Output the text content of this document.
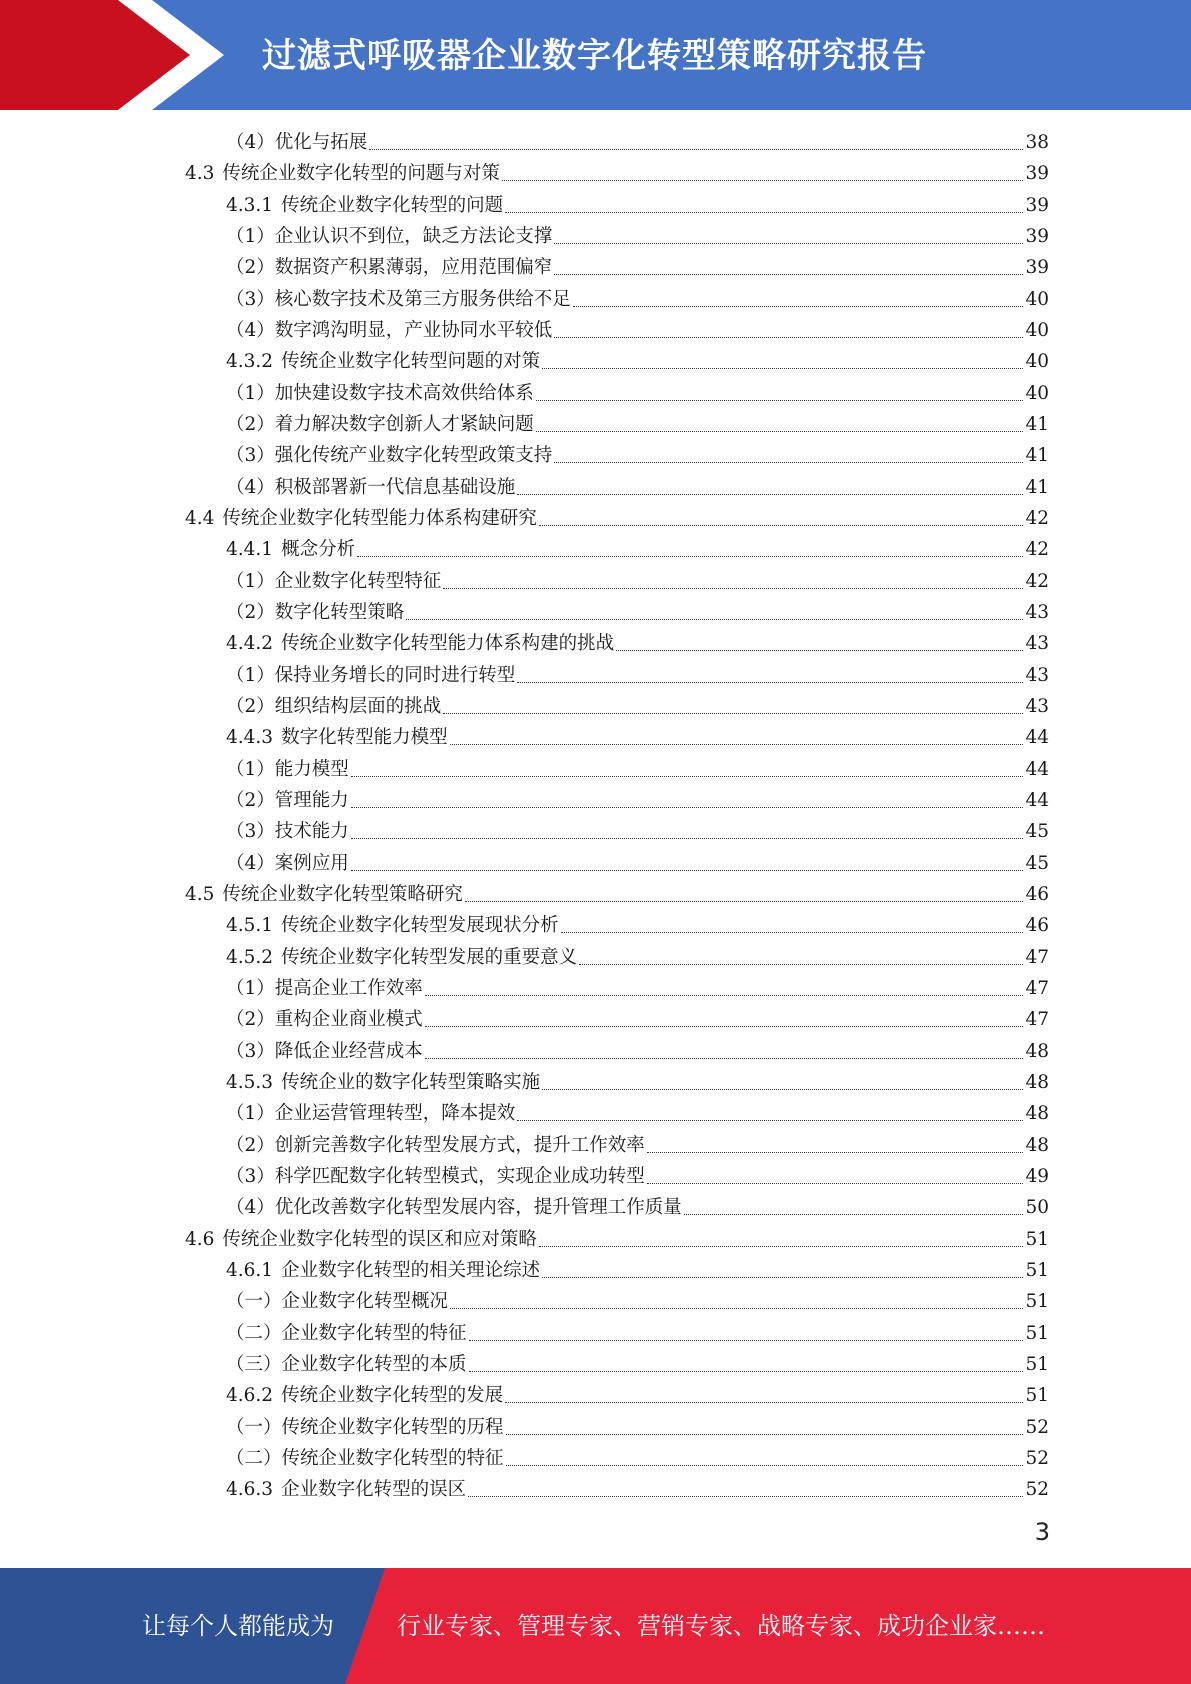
过滤式呼吸器企业数字化转型策略研究报告
（4） 优化与拓展	38
4.3 传统企业数字化转型的问题与对策	39
4.3.1 传统企业数字化转型的问题	39
（1） 企业认识不到位，缺乏方法论支撑	39
（2） 数据资产积累薄弱，应用范围偏窄	39
（3） 核心数字技术及第三方服务供给不足	40
（4） 数字鸿沟明显，产业协同水平较低	40
4.3.2 传统企业数字化转型问题的对策	40
（1） 加快建设数字技术高效供给体系	40
（2） 着力解决数字创新人才紧缺问题	41
（3） 强化传统产业数字化转型政策支持	41
（4） 积极部署新一代信息基础设施	41
4.4 传统企业数字化转型能力体系构建研究	42
4.4.1 概念分析	42
（1） 企业数字化转型特征	42
（2） 数字化转型策略	43
4.4.2 传统企业数字化转型能力体系构建的挑战	43
（1） 保持业务增长的同时进行转型	43
（2） 组织结构层面的挑战	43
4.4.3 数字化转型能力模型	44
（1） 能力模型	44
（2） 管理能力	44
（3） 技术能力	45
（4） 案例应用	45
4.5 传统企业数字化转型策略研究	46
4.5.1 传统企业数字化转型发展现状分析	46
4.5.2 传统企业数字化转型发展的重要意义	47
（1） 提高企业工作效率	47
（2） 重构企业商业模式	47
（3） 降低企业经营成本	48
4.5.3 传统企业的数字化转型策略实施	48
（1） 企业运营管理转型，降本提效	48
（2） 创新完善数字化转型发展方式，提升工作效率	48
（3） 科学匹配数字化转型模式，实现企业成功转型	49
（4） 优化改善数字化转型发展内容，提升管理工作质量	50
4.6 传统企业数字化转型的误区和应对策略	51
4.6.1 企业数字化转型的相关理论综述	51
（一） 企业数字化转型概况	51
（二） 企业数字化转型的特征	51
（三） 企业数字化转型的本质	51
4.6.2 传统企业数字化转型的发展	51
（一） 传统企业数字化转型的历程	52
（二） 传统企业数字化转型的特征	52
4.6.3 企业数字化转型的误区	52
3
让每个人都能成为	行业专家、管理专家、营销专家、战略专家、成功企业家……
